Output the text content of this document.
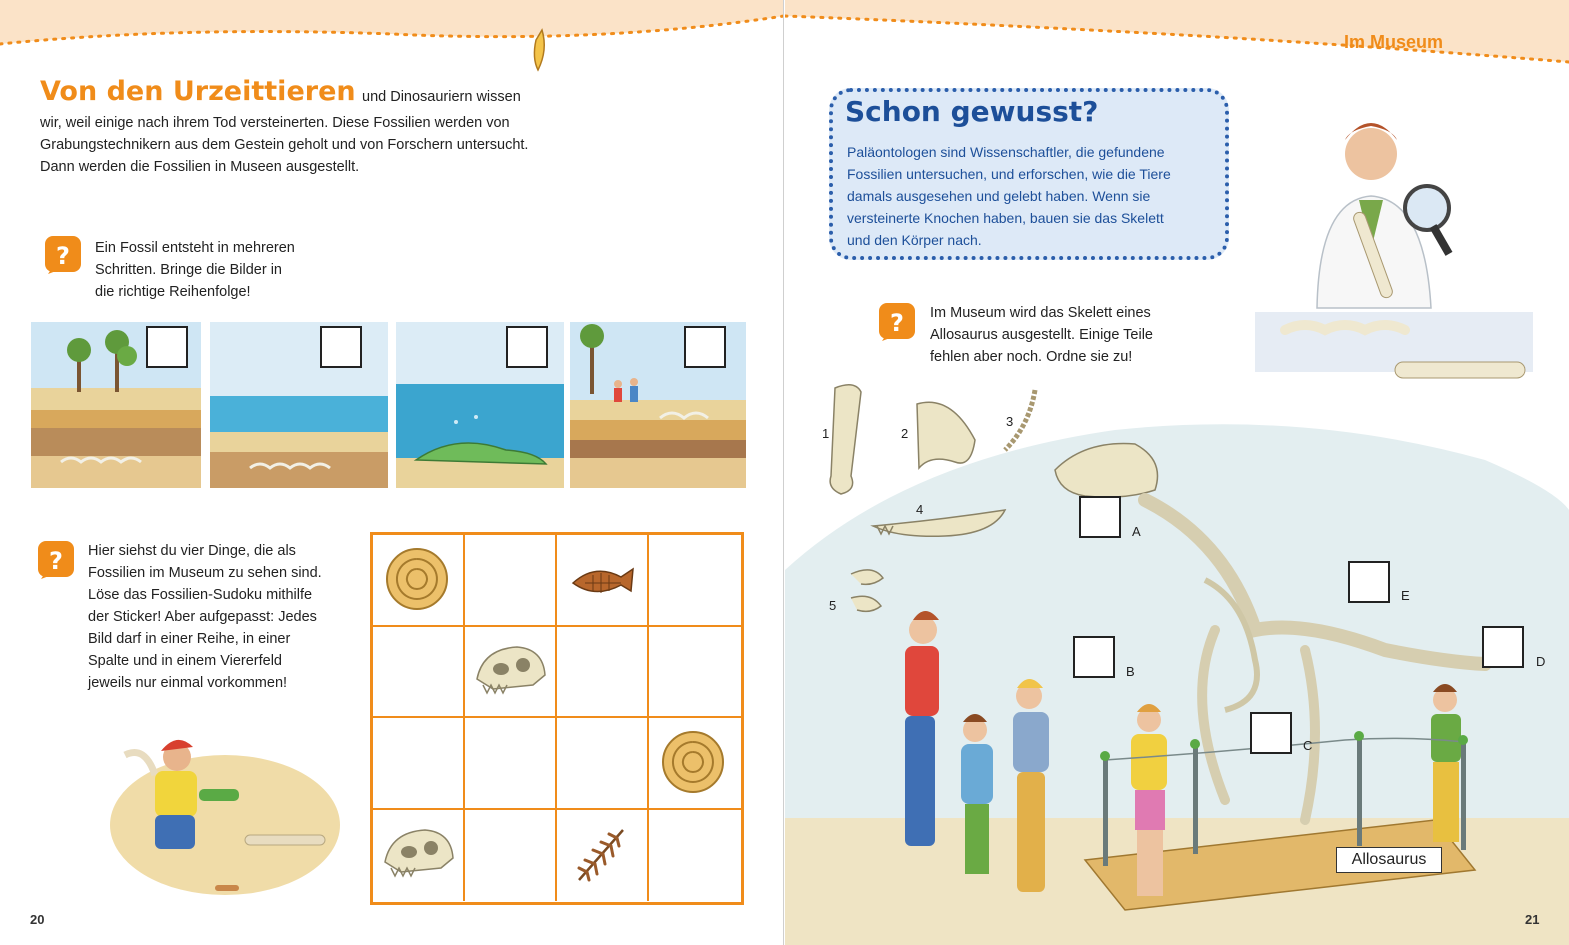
Von den Urzeittieren und Dinosauriern wissen
wir, weil einige nach ihrem Tod versteinerten. Diese Fossilien werden von
Grabungstechnikern aus dem Gestein geholt und von Forschern untersucht.
Dann werden die Fossilien in Museen ausgestellt.
? Ein Fossil entsteht in mehreren
Schritten. Bringe die Bilder in
die richtige Reihenfolge!
? Hier siehst du vier Dinge, die als
Fossilien im Museum zu sehen sind.
Löse das Fossilien-Sudoku mithilfe
der Sticker! Aber aufgepasst: Jedes
Bild darf in einer Reihe, in einer
Spalte und in einem Viererfeld
jeweils nur einmal vorkommen!
20
Im Museum
Schon gewusst?
Paläontologen sind Wissenschaftler, die gefundene
Fossilien untersuchen, und erforschen, wie die Tiere
damals ausgesehen und gelebt haben. Wenn sie
versteinerte Knochen haben, bauen sie das Skelett
und den Körper nach.
? Im Museum wird das Skelett eines
Allosaurus ausgestellt. Einige Teile
fehlen aber noch. Ordne sie zu!
1	2
3
4
5
A
B
C
D
E
Allosaurus
21
